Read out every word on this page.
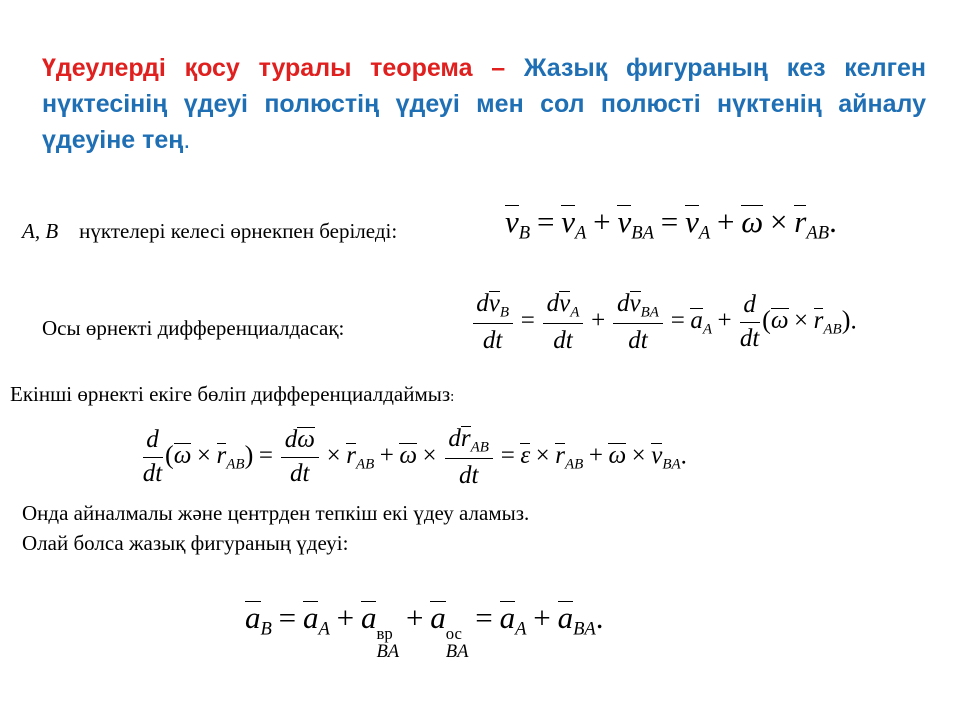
Үдеулерді қосу туралы теорема – Жазық фигураның кез келген нүктесінің үдеуі полюстің үдеуі мен сол полюсті нүктенің айналу үдеуіне тең.
A, B нүктелері келесі өрнекпен беріледі:	$v_B = v_A + v_{BA} = v_A + \omega \times r_{AB}$.
Осы өрнекті дифференциалдасақ:	$\frac{dv_B}{dt} = \frac{dv_A}{dt} + \frac{dv_{BA}}{dt} = a_A + \frac{d}{dt} (\omega \times r_{AB})$.
Екінші өрнекті екіге бөліп дифференциалдаймыз:
$\frac{d}{dt} (\omega \times r_{AB}) = \frac{d\omega}{dt} \times r_{AB} + \omega \times \frac{dr_{AB}}{dt} = \varepsilon \times r_{AB} + \omega \times v_{BA}$.
Онда айналмалы және центрден тепкіш екі үдеу аламыз.
Олай болса жазық фигураның үдеуі:
$a_B = a_A + a$ вр
BA
+ a ос
BA
= $a_A + a_{BA}$.
